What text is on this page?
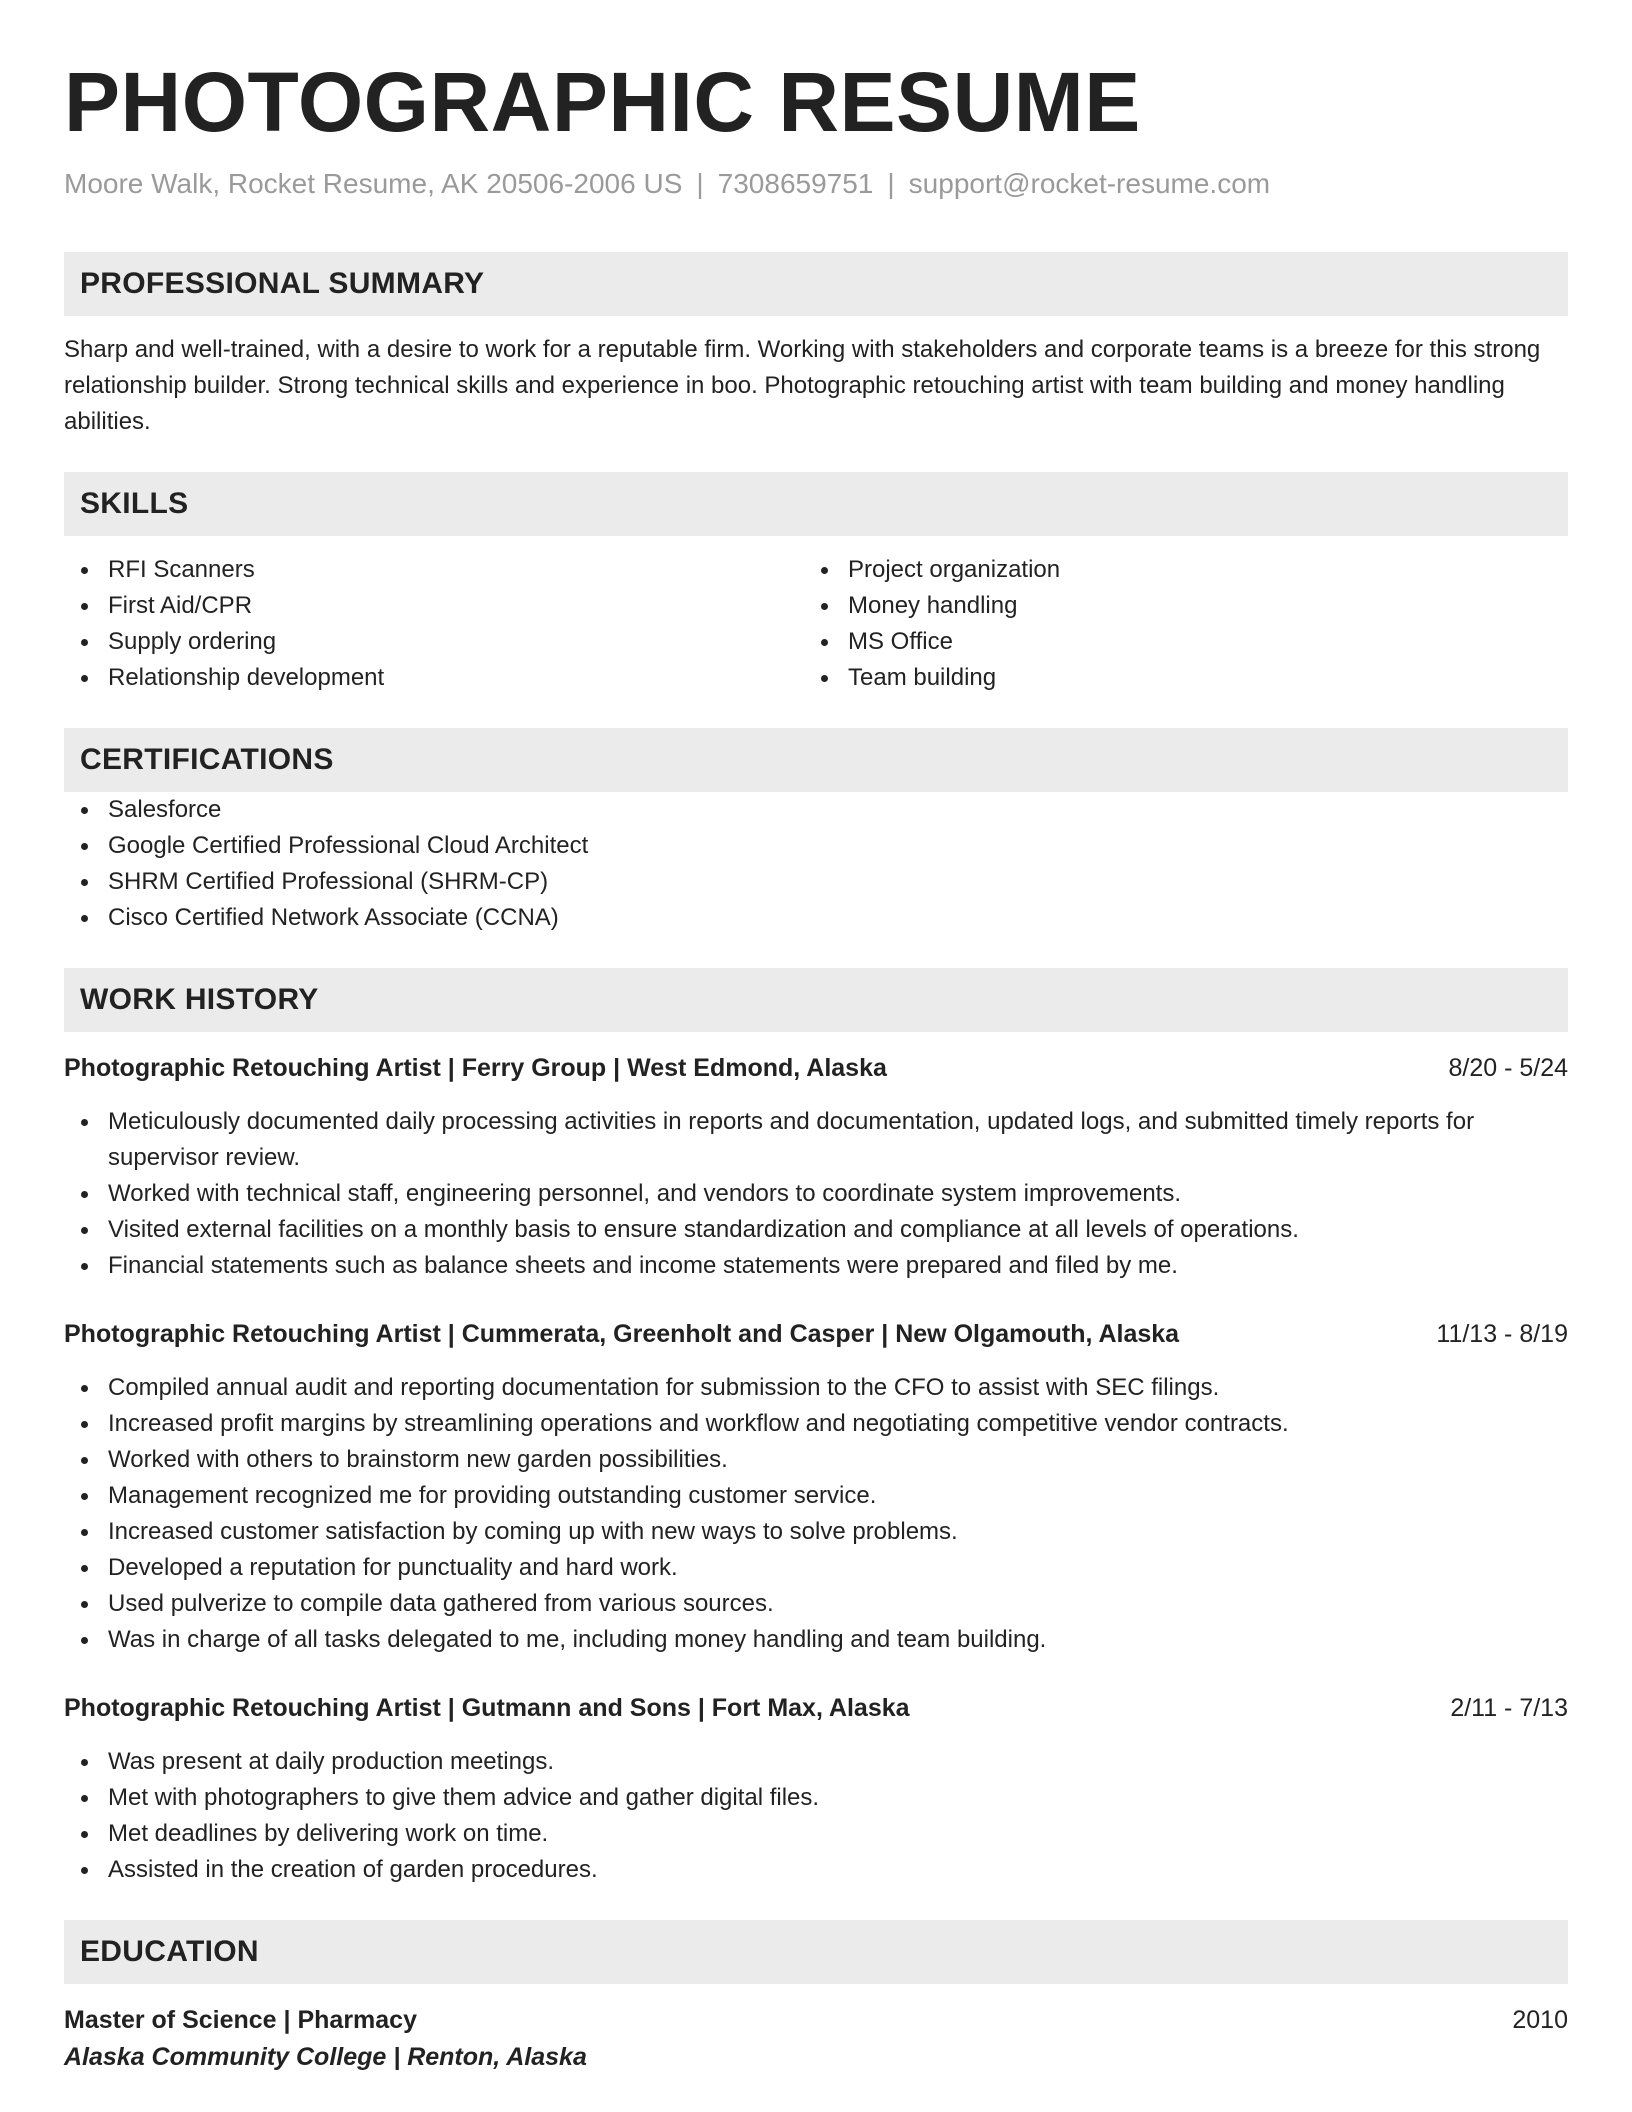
PHOTOGRAPHIC RESUME
Moore Walk, Rocket Resume, AK 20506-2006 US | 7308659751 | support@rocket-resume.com
PROFESSIONAL SUMMARY

Sharp and well-trained, with a desire to work for a reputable firm. Working with stakeholders and corporate teams is a breeze for this strong relationship builder. Strong technical skills and experience in boo. Photographic retouching artist with team building and money handling abilities.

SKILLS
RFI Scanners
First Aid/CPR
Supply ordering
Relationship development
Project organization
Money handling
MS Office
Team building
CERTIFICATIONS
Salesforce
Google Certified Professional Cloud Architect
SHRM Certified Professional (SHRM-CP)
Cisco Certified Network Associate (CCNA)
WORK HISTORY
Photographic Retouching Artist | Ferry Group | West Edmond, Alaska	8/20 - 5/24
Meticulously documented daily processing activities in reports and documentation, updated logs, and submitted timely reports for supervisor review.
Worked with technical staff, engineering personnel, and vendors to coordinate system improvements.
Visited external facilities on a monthly basis to ensure standardization and compliance at all levels of operations.
Financial statements such as balance sheets and income statements were prepared and filed by me.
Photographic Retouching Artist | Cummerata, Greenholt and Casper | New Olgamouth, Alaska	11/13 - 8/19
Compiled annual audit and reporting documentation for submission to the CFO to assist with SEC filings.
Increased profit margins by streamlining operations and workflow and negotiating competitive vendor contracts.
Worked with others to brainstorm new garden possibilities.
Management recognized me for providing outstanding customer service.
Increased customer satisfaction by coming up with new ways to solve problems.
Developed a reputation for punctuality and hard work.
Used pulverize to compile data gathered from various sources.
Was in charge of all tasks delegated to me, including money handling and team building.
Photographic Retouching Artist | Gutmann and Sons | Fort Max, Alaska	2/11 - 7/13
Was present at daily production meetings.
Met with photographers to give them advice and gather digital files.
Met deadlines by delivering work on time.
Assisted in the creation of garden procedures.
EDUCATION
Master of Science | Pharmacy	2010
Alaska Community College | Renton, Alaska
